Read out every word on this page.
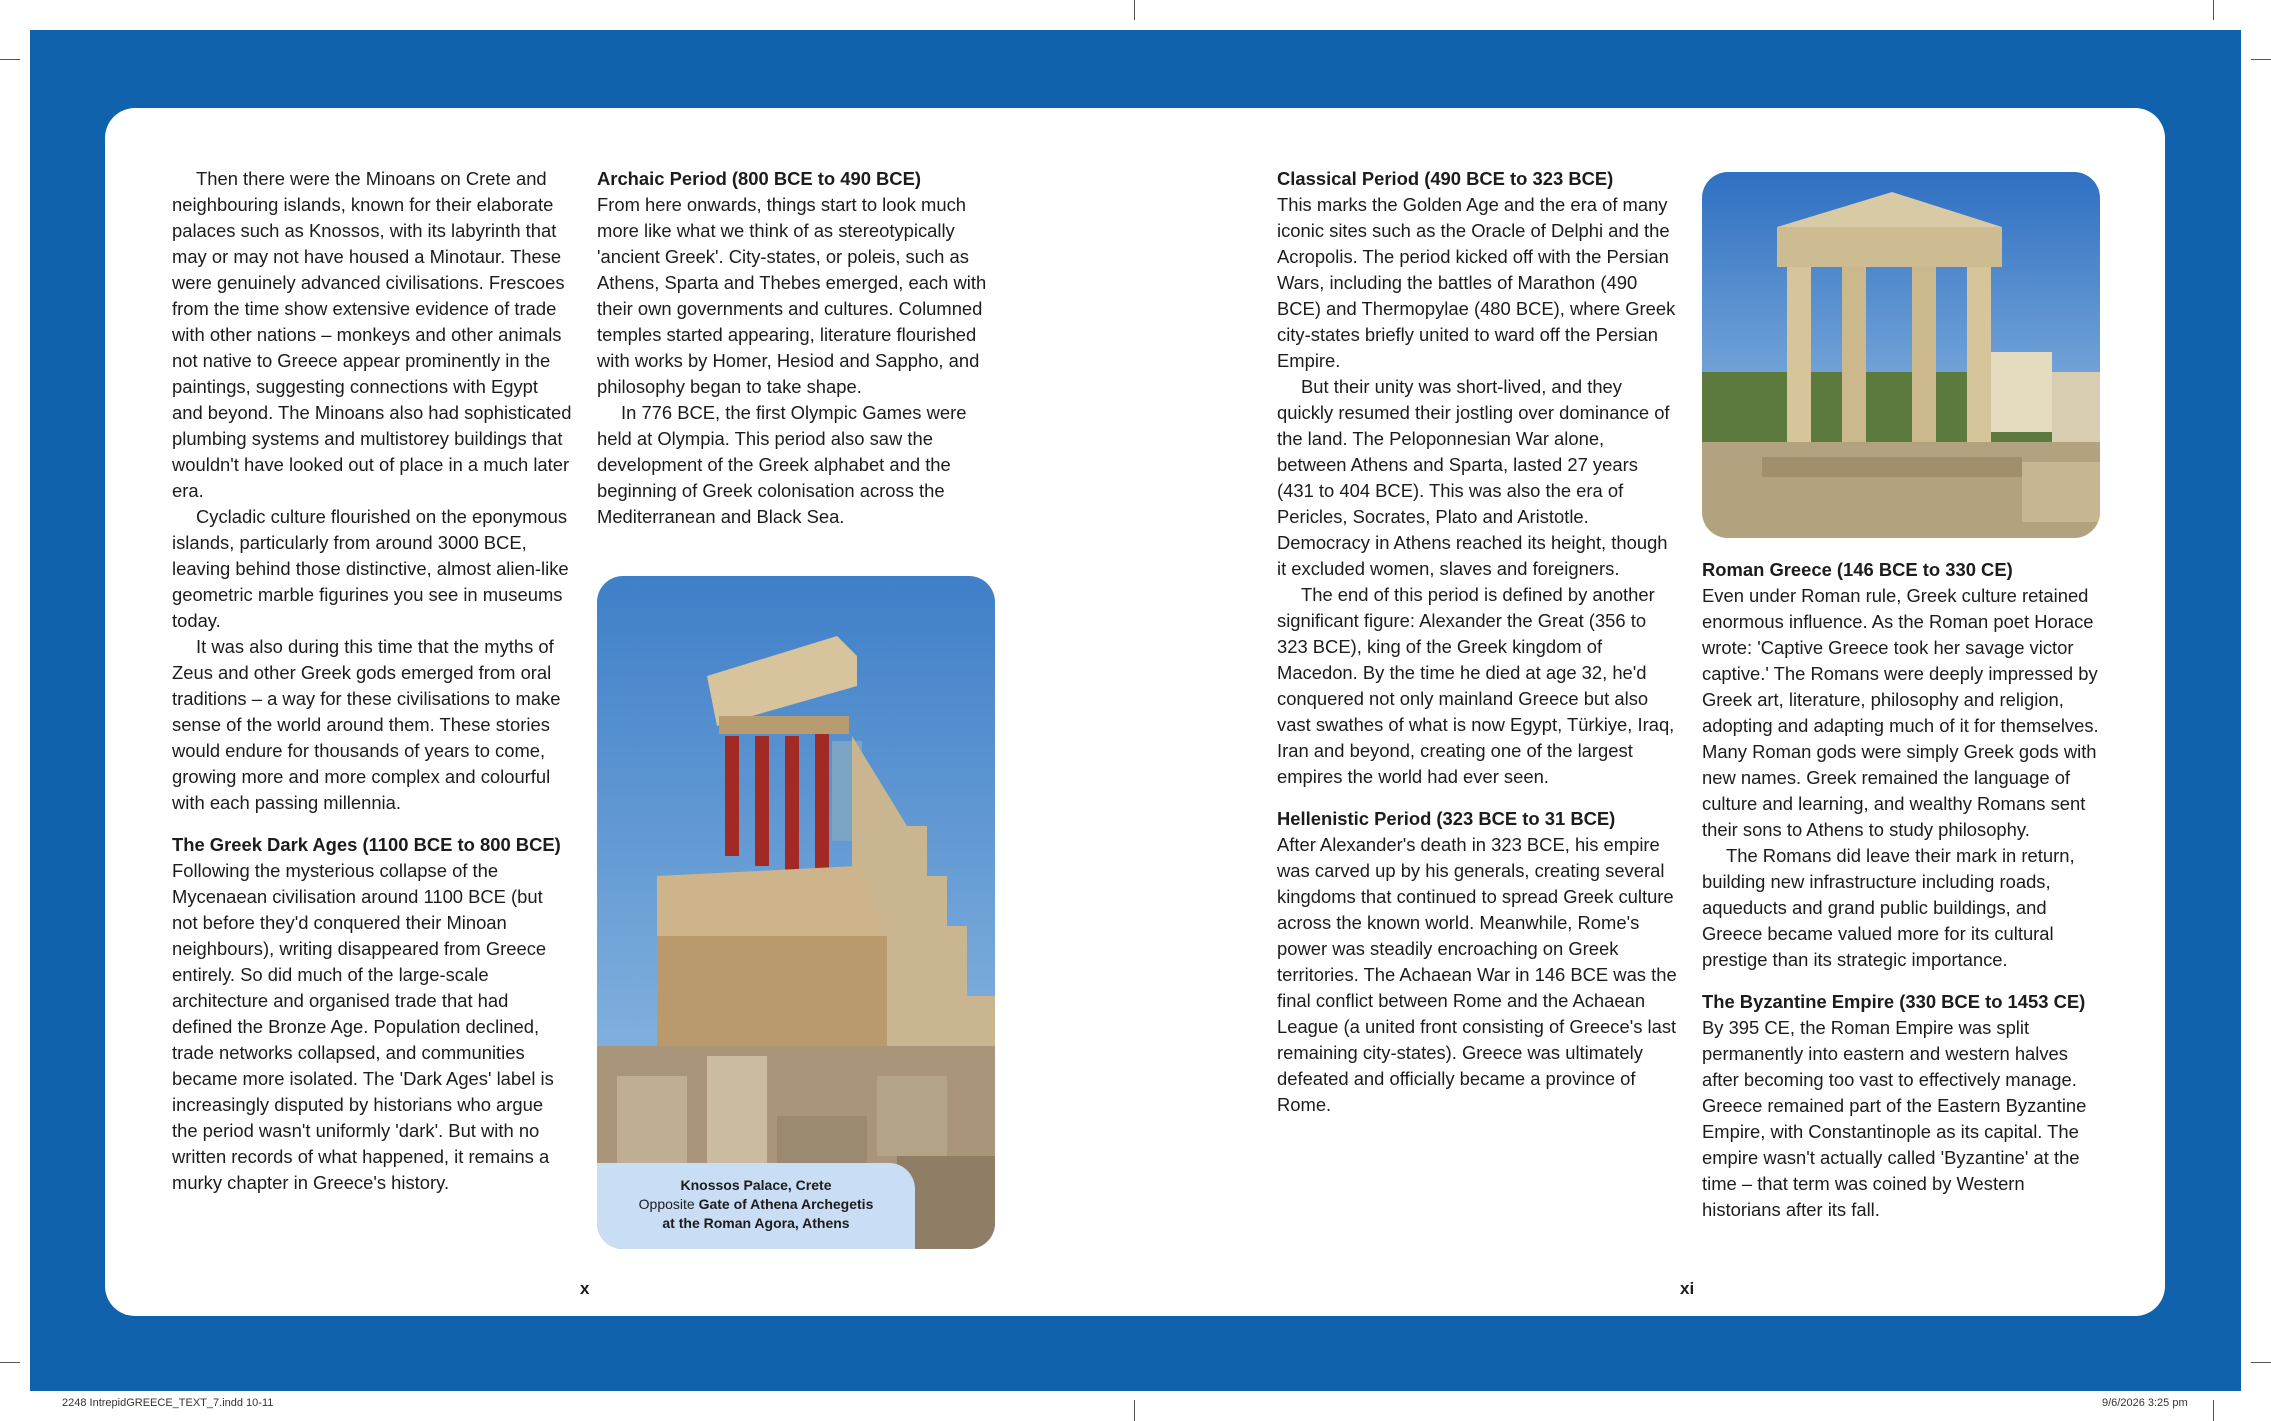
Then there were the Minoans on Crete and neighbouring islands, known for their elaborate palaces such as Knossos, with its labyrinth that may or may not have housed a Minotaur. These were genuinely advanced civilisations. Frescoes from the time show extensive evidence of trade with other nations – monkeys and other animals not native to Greece appear prominently in the paintings, suggesting connections with Egypt and beyond. The Minoans also had sophisticated plumbing systems and multistorey buildings that wouldn't have looked out of place in a much later era.

Cycladic culture flourished on the eponymous islands, particularly from around 3000 BCE, leaving behind those distinctive, almost alien-like geometric marble figurines you see in museums today.

It was also during this time that the myths of Zeus and other Greek gods emerged from oral traditions – a way for these civilisations to make sense of the world around them. These stories would endure for thousands of years to come, growing more and more complex and colourful with each passing millennia.

The Greek Dark Ages (1100 BCE to 800 BCE)

Following the mysterious collapse of the Mycenaean civilisation around 1100 BCE (but not before they'd conquered their Minoan neighbours), writing disappeared from Greece entirely. So did much of the large-scale architecture and organised trade that had defined the Bronze Age. Population declined, trade networks collapsed, and communities became more isolated. The 'Dark Ages' label is increasingly disputed by historians who argue the period wasn't uniformly 'dark'. But with no written records of what happened, it remains a murky chapter in Greece's history.

Archaic Period (800 BCE to 490 BCE)

From here onwards, things start to look much more like what we think of as stereotypically 'ancient Greek'. City-states, or poleis, such as Athens, Sparta and Thebes emerged, each with their own governments and cultures. Columned temples started appearing, literature flourished with works by Homer, Hesiod and Sappho, and philosophy began to take shape.

In 776 BCE, the first Olympic Games were held at Olympia. This period also saw the development of the Greek alphabet and the beginning of Greek colonisation across the Mediterranean and Black Sea.

Classical Period (490 BCE to 323 BCE)

This marks the Golden Age and the era of many iconic sites such as the Oracle of Delphi and the Acropolis. The period kicked off with the Persian Wars, including the battles of Marathon (490 BCE) and Thermopylae (480 BCE), where Greek city-states briefly united to ward off the Persian Empire.

But their unity was short-lived, and they quickly resumed their jostling over dominance of the land. The Peloponnesian War alone, between Athens and Sparta, lasted 27 years (431 to 404 BCE). This was also the era of Pericles, Socrates, Plato and Aristotle. Democracy in Athens reached its height, though it excluded women, slaves and foreigners.

The end of this period is defined by another significant figure: Alexander the Great (356 to 323 BCE), king of the Greek kingdom of Macedon. By the time he died at age 32, he'd conquered not only mainland Greece but also vast swathes of what is now Egypt, Türkiye, Iraq, Iran and beyond, creating one of the largest empires the world had ever seen.

Hellenistic Period (323 BCE to 31 BCE)

After Alexander's death in 323 BCE, his empire was carved up by his generals, creating several kingdoms that continued to spread Greek culture across the known world. Meanwhile, Rome's power was steadily encroaching on Greek territories. The Achaean War in 146 BCE was the final conflict between Rome and the Achaean League (a united front consisting of Greece's last remaining city-states). Greece was ultimately defeated and officially became a province of Rome.

Roman Greece (146 BCE to 330 CE)

Even under Roman rule, Greek culture retained enormous influence. As the Roman poet Horace wrote: 'Captive Greece took her savage victor captive.' The Romans were deeply impressed by Greek art, literature, philosophy and religion, adopting and adapting much of it for themselves. Many Roman gods were simply Greek gods with new names. Greek remained the language of culture and learning, and wealthy Romans sent their sons to Athens to study philosophy.

The Romans did leave their mark in return, building new infrastructure including roads, aqueducts and grand public buildings, and Greece became valued more for its cultural prestige than its strategic importance.

The Byzantine Empire (330 BCE to 1453 CE)

By 395 CE, the Roman Empire was split permanently into eastern and western halves after becoming too vast to effectively manage. Greece remained part of the Eastern Byzantine Empire, with Constantinople as its capital. The empire wasn't actually called 'Byzantine' at the time – that term was coined by Western historians after its fall.

Knossos Palace, Crete
Opposite Gate of Athena Archegetis
at the Roman Agora, Athens
x	xi
2248 IntrepidGREECE_TEXT_7.indd 10-11	9/6/2026 3:25 pm
